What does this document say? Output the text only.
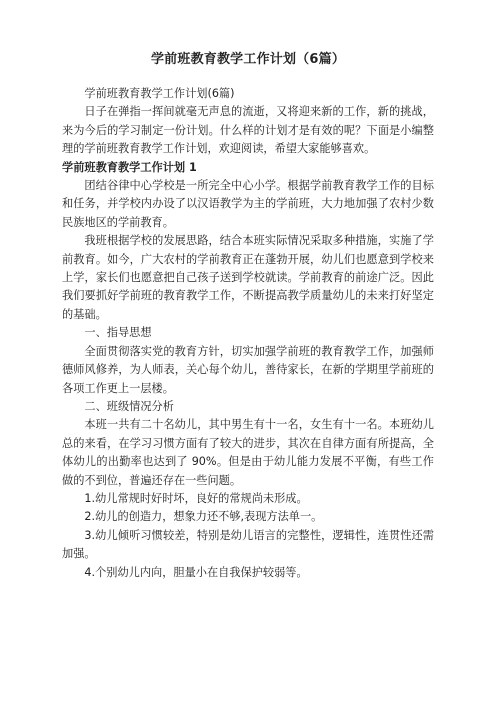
学前班教育教学工作计划（6篇）

学前班教育教学工作计划(6篇)

日子在弹指一挥间就毫无声息的流逝，又将迎来新的工作，新的挑战，来为今后的学习制定一份计划。什么样的计划才是有效的呢？下面是小编整理的学前班教育教学工作计划，欢迎阅读，希望大家能够喜欢。

学前班教育教学工作计划 1

团结谷律中心学校是一所完全中心小学。根据学前教育教学工作的目标和任务，并学校内办设了以汉语教学为主的学前班，大力地加强了农村少数民族地区的学前教育。

我班根据学校的发展思路，结合本班实际情况采取多种措施，实施了学前教育。如今，广大农村的学前教育正在蓬勃开展，幼儿们也愿意到学校来上学，家长们也愿意把自己孩子送到学校就读。学前教育的前途广泛。因此我们要抓好学前班的教育教学工作，不断提高教学质量幼儿的未来打好坚定的基础。

一、指导思想

全面贯彻落实党的教育方针，切实加强学前班的教育教学工作，加强师德师风修养，为人师表，关心每个幼儿，善待家长，在新的学期里学前班的各项工作更上一层楼。

二、班级情况分析

本班一共有二十名幼儿，其中男生有十一名，女生有十一名。本班幼儿总的来看，在学习习惯方面有了较大的进步，其次在自律方面有所提高，全体幼儿的出勤率也达到了 90%。但是由于幼儿能力发展不平衡，有些工作做的不到位，普遍还存在一些问题。

1.幼儿常规时好时坏，良好的常规尚未形成。

2.幼儿的创造力，想象力还不够,表现方法单一。

3.幼儿倾听习惯较差，特别是幼儿语言的完整性，逻辑性，连贯性还需加强。

4.个别幼儿内向，胆量小在自我保护较弱等。
